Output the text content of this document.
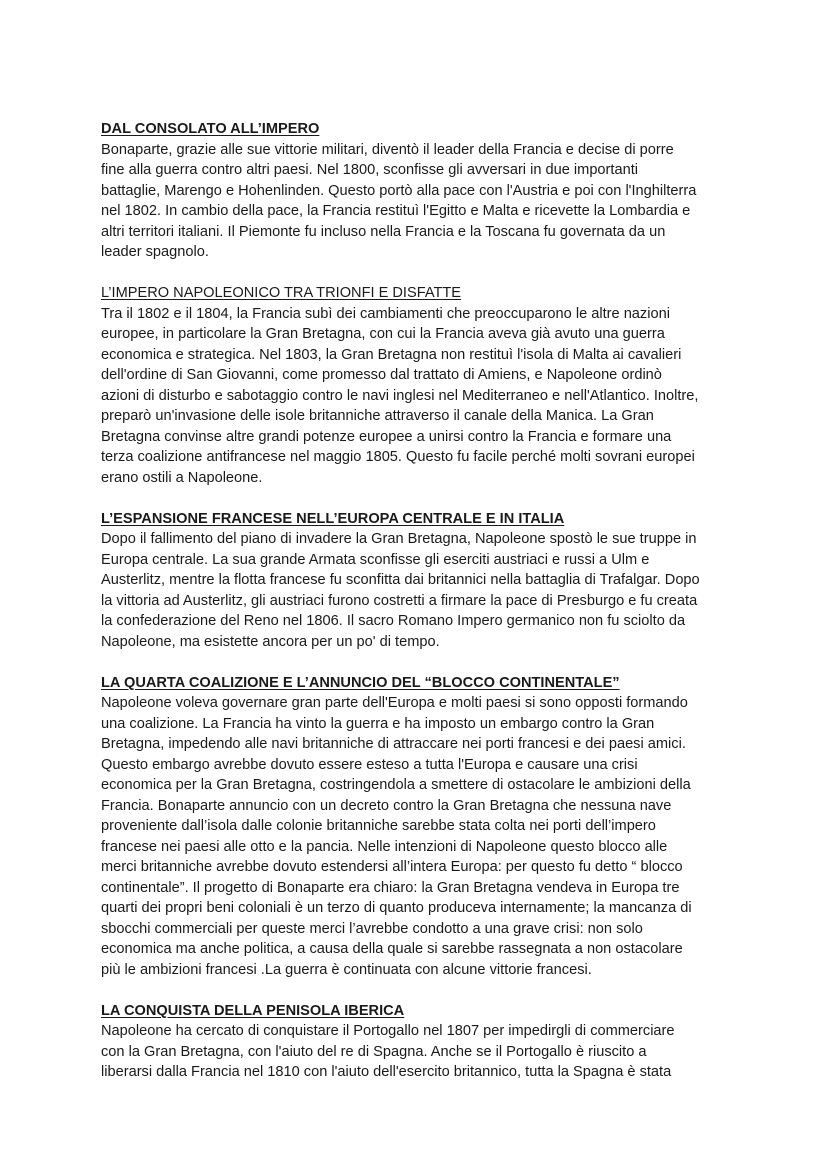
DAL CONSOLATO ALL’IMPERO
Bonaparte, grazie alle sue vittorie militari, diventò il leader della Francia e decise di porre
fine alla guerra contro altri paesi. Nel 1800, sconfisse gli avversari in due importanti
battaglie, Marengo e Hohenlinden. Questo portò alla pace con l'Austria e poi con l'Inghilterra
nel 1802. In cambio della pace, la Francia restituì l'Egitto e Malta e ricevette la Lombardia e
altri territori italiani. Il Piemonte fu incluso nella Francia e la Toscana fu governata da un
leader spagnolo.
L’IMPERO NAPOLEONICO TRA TRIONFI E DISFATTE
Tra il 1802 e il 1804, la Francia subì dei cambiamenti che preoccuparono le altre nazioni
europee, in particolare la Gran Bretagna, con cui la Francia aveva già avuto una guerra
economica e strategica. Nel 1803, la Gran Bretagna non restituì l'isola di Malta ai cavalieri
dell'ordine di San Giovanni, come promesso dal trattato di Amiens, e Napoleone ordinò
azioni di disturbo e sabotaggio contro le navi inglesi nel Mediterraneo e nell'Atlantico. Inoltre,
preparò un'invasione delle isole britanniche attraverso il canale della Manica. La Gran
Bretagna convinse altre grandi potenze europee a unirsi contro la Francia e formare una
terza coalizione antifrancese nel maggio 1805. Questo fu facile perché molti sovrani europei
erano ostili a Napoleone.
L’ESPANSIONE FRANCESE NELL’EUROPA CENTRALE E IN ITALIA
Dopo il fallimento del piano di invadere la Gran Bretagna, Napoleone spostò le sue truppe in
Europa centrale. La sua grande Armata sconfisse gli eserciti austriaci e russi a Ulm e
Austerlitz, mentre la flotta francese fu sconfitta dai britannici nella battaglia di Trafalgar. Dopo
la vittoria ad Austerlitz, gli austriaci furono costretti a firmare la pace di Presburgo e fu creata
la confederazione del Reno nel 1806. Il sacro Romano Impero germanico non fu sciolto da
Napoleone, ma esistette ancora per un po' di tempo.
LA QUARTA COALIZIONE E L’ANNUNCIO DEL “BLOCCO CONTINENTALE”
Napoleone voleva governare gran parte dell'Europa e molti paesi si sono opposti formando
una coalizione. La Francia ha vinto la guerra e ha imposto un embargo contro la Gran
Bretagna, impedendo alle navi britanniche di attraccare nei porti francesi e dei paesi amici.
Questo embargo avrebbe dovuto essere esteso a tutta l'Europa e causare una crisi
economica per la Gran Bretagna, costringendola a smettere di ostacolare le ambizioni della
Francia. Bonaparte annuncio con un decreto contro la Gran Bretagna che nessuna nave
proveniente dall’isola dalle colonie britanniche sarebbe stata colta nei porti dell’impero
francese nei paesi alle otto e la pancia. Nelle intenzioni di Napoleone questo blocco alle
merci britanniche avrebbe dovuto estendersi all’intera Europa: per questo fu detto “ blocco
continentale”. Il progetto di Bonaparte era chiaro: la Gran Bretagna vendeva in Europa tre
quarti dei propri beni coloniali è un terzo di quanto produceva internamente; la mancanza di
sbocchi commerciali per queste merci l’avrebbe condotto a una grave crisi: non solo
economica ma anche politica, a causa della quale si sarebbe rassegnata a non ostacolare
più le ambizioni francesi .La guerra è continuata con alcune vittorie francesi.
LA CONQUISTA DELLA PENISOLA IBERICA
Napoleone ha cercato di conquistare il Portogallo nel 1807 per impedirgli di commerciare
con la Gran Bretagna, con l'aiuto del re di Spagna. Anche se il Portogallo è riuscito a
liberarsi dalla Francia nel 1810 con l'aiuto dell'esercito britannico, tutta la Spagna è stata
